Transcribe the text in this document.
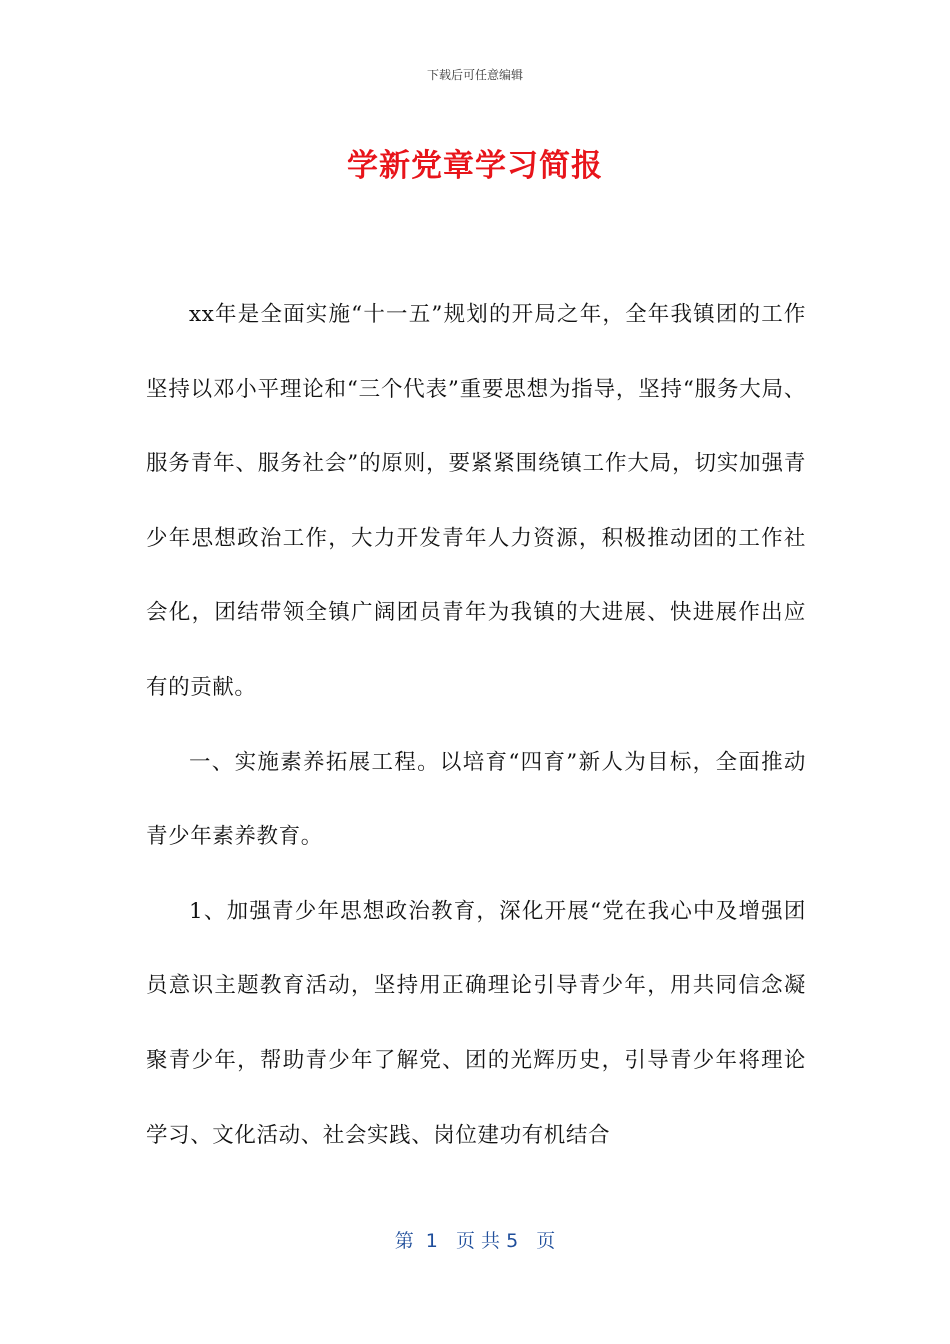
下载后可任意编辑
学新党章学习简报

xx年是全面实施“十一五”规划的开局之年，全年我镇团的工作坚持以邓小平理论和“三个代表”重要思想为指导，坚持“服务大局、服务青年、服务社会”的原则，要紧紧围绕镇工作大局，切实加强青少年思想政治工作，大力开发青年人力资源，积极推动团的工作社会化，团结带领全镇广阔团员青年为我镇的大进展、快进展作出应有的贡献。

一、实施素养拓展工程。以培育“四育”新人为目标，全面推动青少年素养教育。

1、加强青少年思想政治教育，深化开展“党在我心中及增强团员意识主题教育活动，坚持用正确理论引导青少年，用共同信念凝聚青少年，帮助青少年了解党、团的光辉历史，引导青少年将理论学习、文化活动、社会实践、岗位建功有机结合

第  1   页 共 5   页
